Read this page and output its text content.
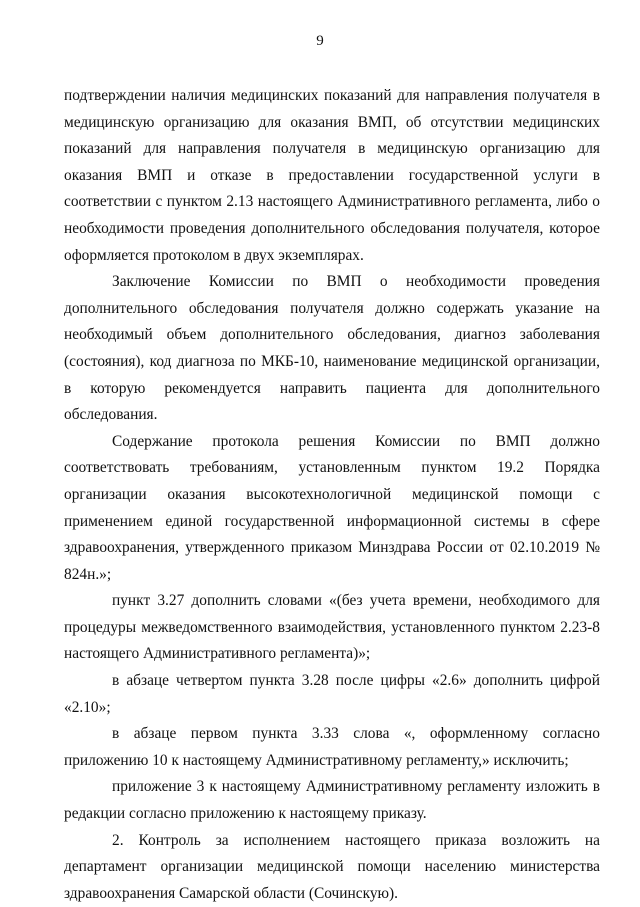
9

подтверждении наличия медицинских показаний для направления получателя в медицинскую организацию для оказания ВМП, об отсутствии медицинских показаний для направления получателя в медицинскую организацию для оказания ВМП и отказе в предоставлении государственной услуги в соответствии с пунктом 2.13 настоящего Административного регламента, либо о необходимости проведения дополнительного обследования получателя, которое оформляется протоколом в двух экземплярах.

Заключение Комиссии по ВМП о необходимости проведения дополнительного обследования получателя должно содержать указание на необходимый объем дополнительного обследования, диагноз заболевания (состояния), код диагноза по МКБ-10, наименование медицинской организации, в которую рекомендуется направить пациента для дополнительного обследования.

Содержание протокола решения Комиссии по ВМП должно соответствовать требованиям, установленным пунктом 19.2 Порядка организации оказания высокотехнологичной медицинской помощи с применением единой государственной информационной системы в сфере здравоохранения, утвержденного приказом Минздрава России от 02.10.2019 № 824н.»;

пункт 3.27 дополнить словами «(без учета времени, необходимого для процедуры межведомственного взаимодействия, установленного пунктом 2.23-8 настоящего Административного регламента)»;

в абзаце четвертом пункта 3.28 после цифры «2.6» дополнить цифрой «2.10»;

в абзаце первом пункта 3.33 слова «, оформленному согласно приложению 10 к настоящему Административному регламенту,» исключить;

приложение 3 к настоящему Административному регламенту изложить в редакции согласно приложению к настоящему приказу.

2. Контроль за исполнением настоящего приказа возложить на департамент организации медицинской помощи населению министерства здравоохранения Самарской области (Сочинскую).
